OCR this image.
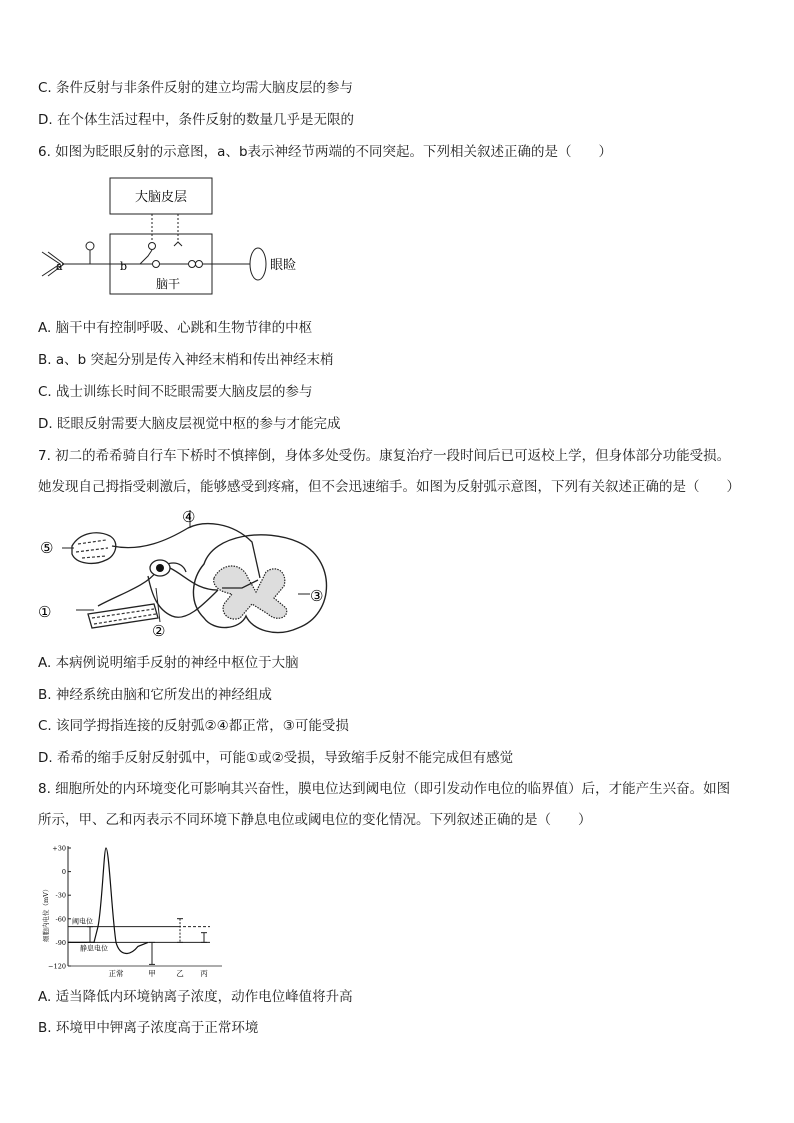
C. 条件反射与非条件反射的建立均需大脑皮层的参与
D. 在个体生活过程中，条件反射的数量几乎是无限的
6. 如图为眨眼反射的示意图，a、b表示神经节两端的不同突起。下列相关叙述正确的是（　　）
大脑皮层
脑干
a	b	眼睑
A. 脑干中有控制呼吸、心跳和生物节律的中枢
B. a、b 突起分别是传入神经末梢和传出神经末梢
C. 战士训练长时间不眨眼需要大脑皮层的参与
D. 眨眼反射需要大脑皮层视觉中枢的参与才能完成
7. 初二的希希骑自行车下桥时不慎摔倒，身体多处受伤。康复治疗一段时间后已可返校上学，但身体部分功能受损。
她发现自己拇指受刺激后，能够感受到疼痛，但不会迅速缩手。如图为反射弧示意图，下列有关叙述正确的是（　　）
①
②
③
④
⑤
A. 本病例说明缩手反射的神经中枢位于大脑
B. 神经系统由脑和它所发出的神经组成
C. 该同学拇指连接的反射弧②④都正常，③可能受损
D. 希希的缩手反射反射弧中，可能①或②受损，导致缩手反射不能完成但有感觉
8. 细胞所处的内环境变化可影响其兴奋性，膜电位达到阈电位（即引发动作电位的临界值）后，才能产生兴奋。如图
所示，甲、乙和丙表示不同环境下静息电位或阈电位的变化情况。下列叙述正确的是（　　）
细胞内电位（mV）
+30
0
-30
-60
-90
−120
阈电位
静息电位
正常	甲	乙 丙
A. 适当降低内环境钠离子浓度，动作电位峰值将升高
B. 环境甲中钾离子浓度高于正常环境
